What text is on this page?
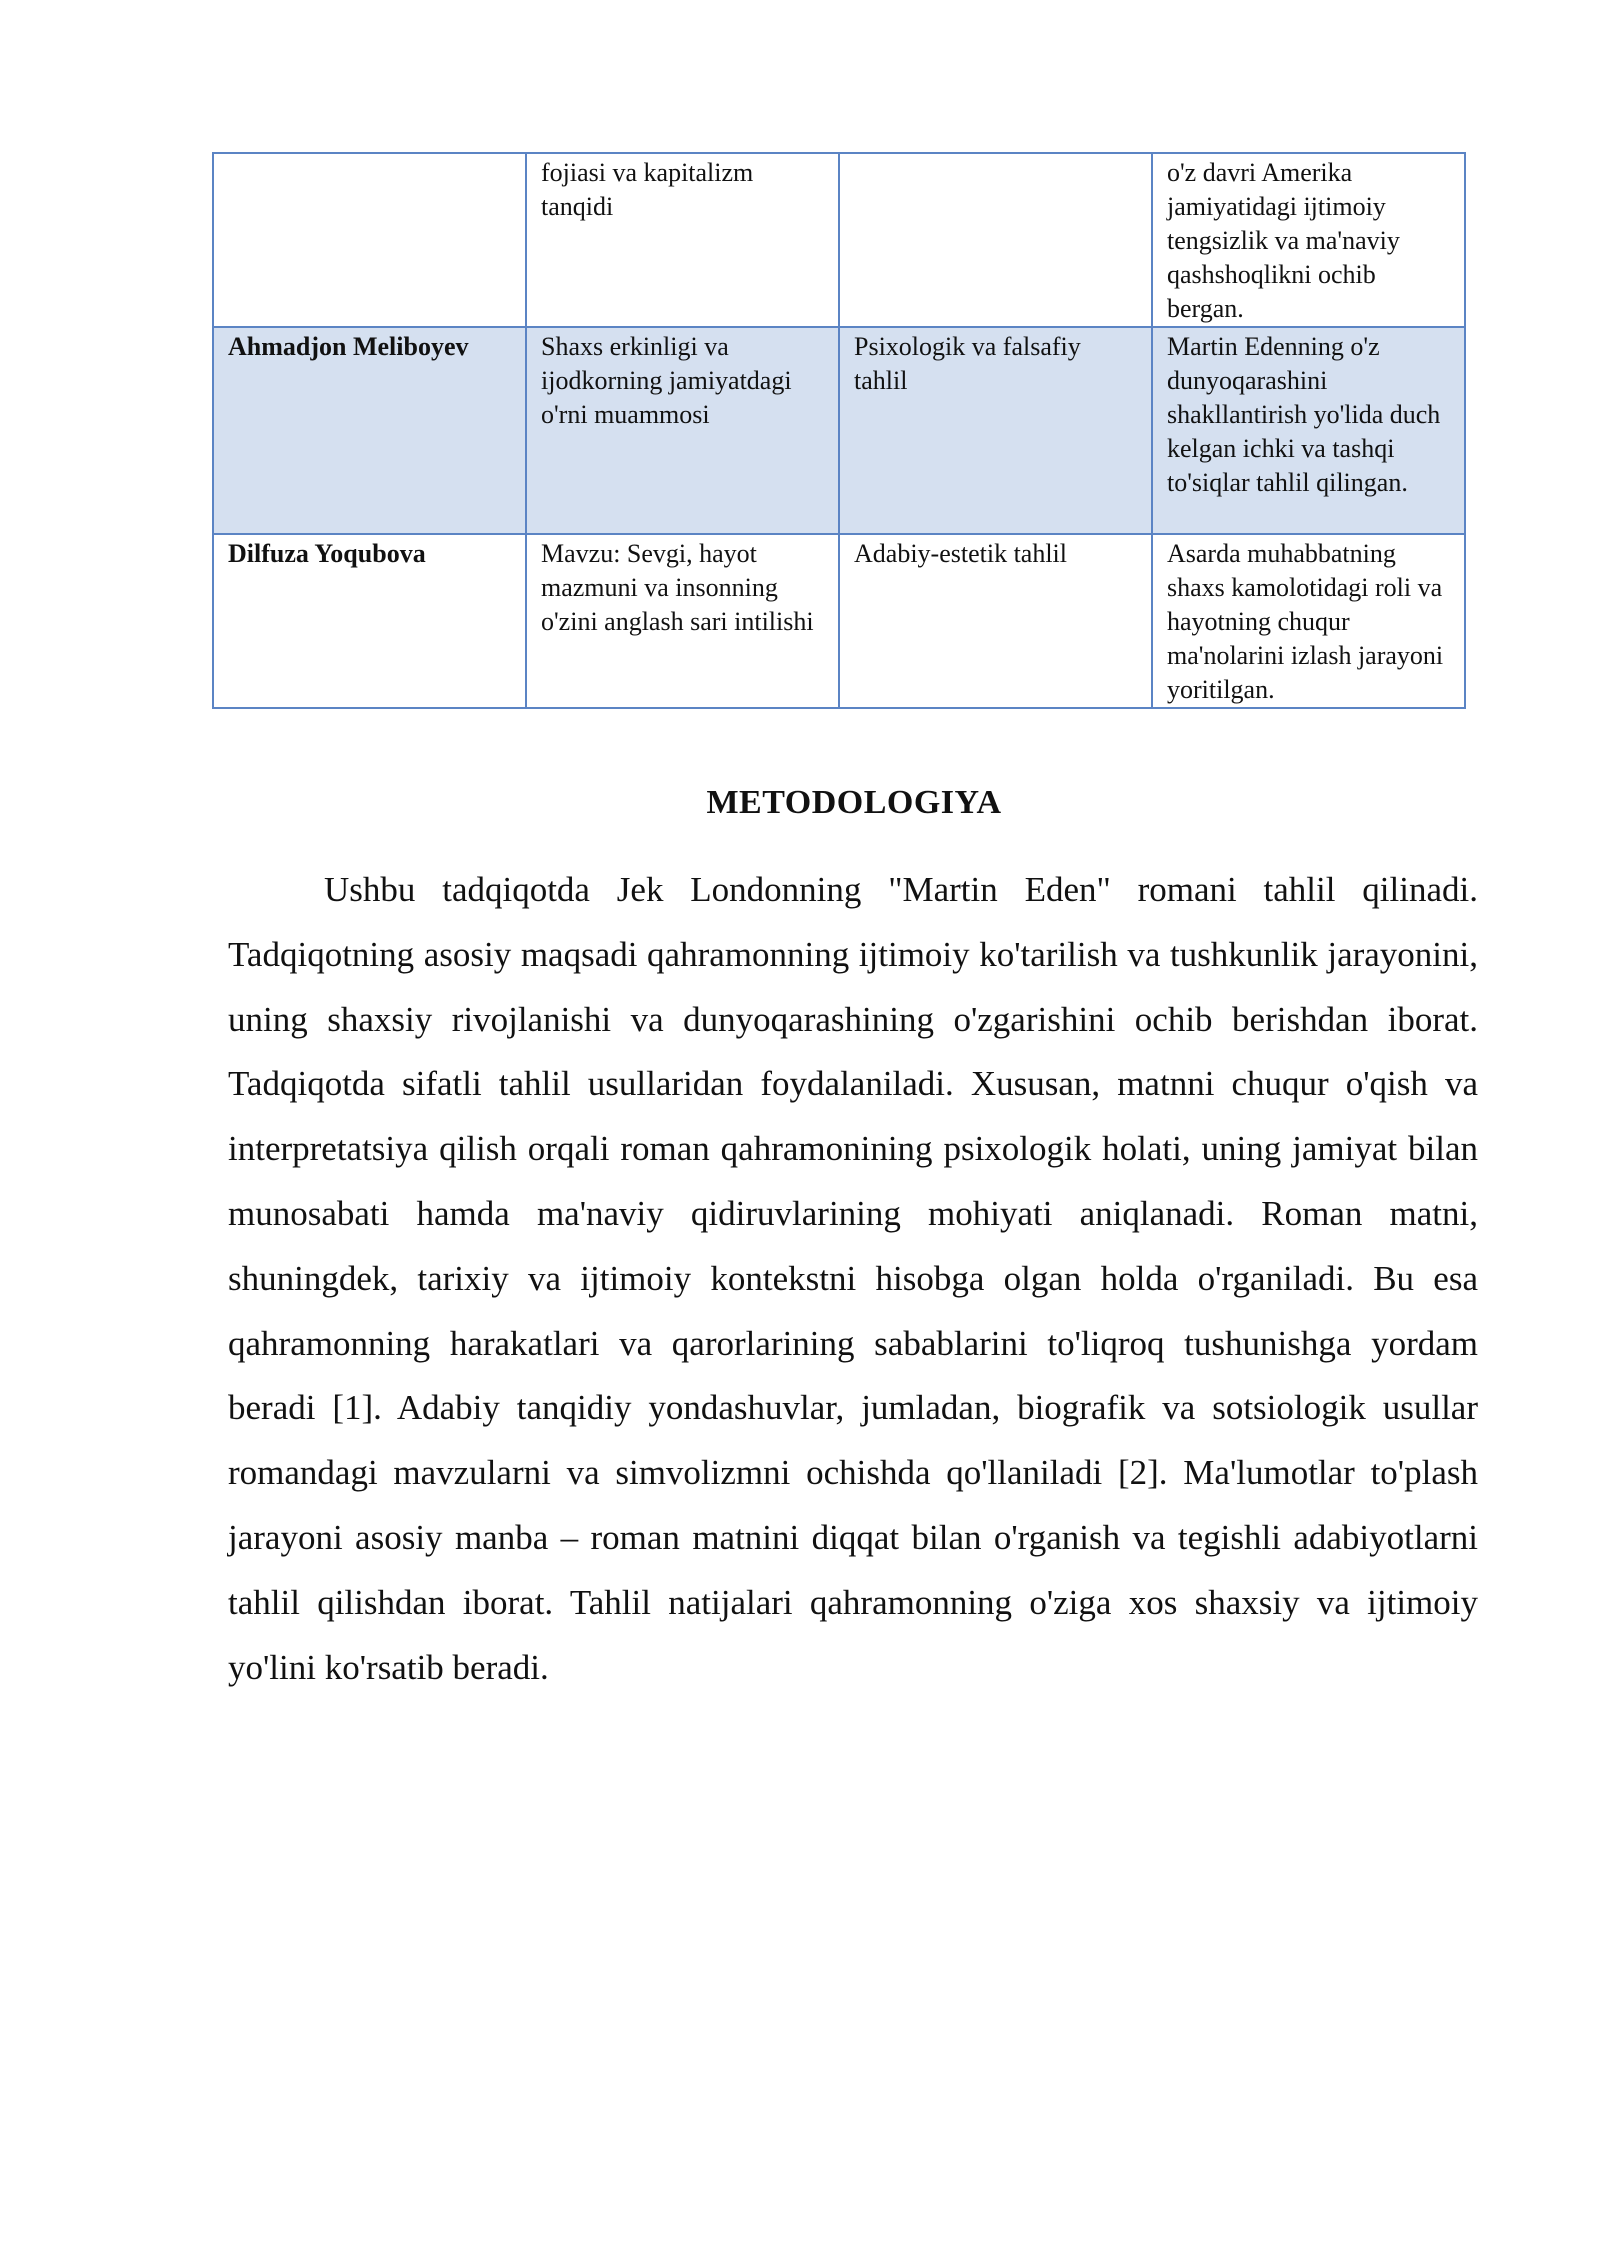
	fojiasi va kapitalizm tanqidi		o'z davri Amerika jamiyatidagi ijtimoiy tengsizlik va ma'naviy qashshoqlikni ochib bergan.
Ahmadjon Meliboyev	Shaxs erkinligi va ijodkorning jamiyatdagi o'rni muammosi	Psixologik va falsafiy tahlil	Martin Edenning o'z dunyoqarashini shakllantirish yo'lida duch kelgan ichki va tashqi to'siqlar tahlil qilingan.
Dilfuza Yoqubova	Mavzu: Sevgi, hayot mazmuni va insonning o'zini anglash sari intilishi	Adabiy-estetik tahlil	Asarda muhabbatning shaxs kamolotidagi roli va hayotning chuqur ma'nolarini izlash jarayoni yoritilgan.
METODOLOGIYA

Ushbu tadqiqotda Jek Londonning "Martin Eden" romani tahlil qilinadi. Tadqiqotning asosiy maqsadi qahramonning ijtimoiy ko'tarilish va tushkunlik jarayonini, uning shaxsiy rivojlanishi va dunyoqarashining o'zgarishini ochib berishdan iborat. Tadqiqotda sifatli tahlil usullaridan foydalaniladi. Xususan, matnni chuqur o'qish va interpretatsiya qilish orqali roman qahramonining psixologik holati, uning jamiyat bilan munosabati hamda ma'naviy qidiruvlarining mohiyati aniqlanadi. Roman matni, shuningdek, tarixiy va ijtimoiy kontekstni hisobga olgan holda o'rganiladi. Bu esa qahramonning harakatlari va qarorlarining sabablarini to'liqroq tushunishga yordam beradi [1]. Adabiy tanqidiy yondashuvlar, jumladan, biografik va sotsiologik usullar romandagi mavzularni va simvolizmni ochishda qo'llaniladi [2]. Ma'lumotlar to'plash jarayoni asosiy manba – roman matnini diqqat bilan o'rganish va tegishli adabiyotlarni tahlil qilishdan iborat. Tahlil natijalari qahramonning o'ziga xos shaxsiy va ijtimoiy yo'lini ko'rsatib beradi.
